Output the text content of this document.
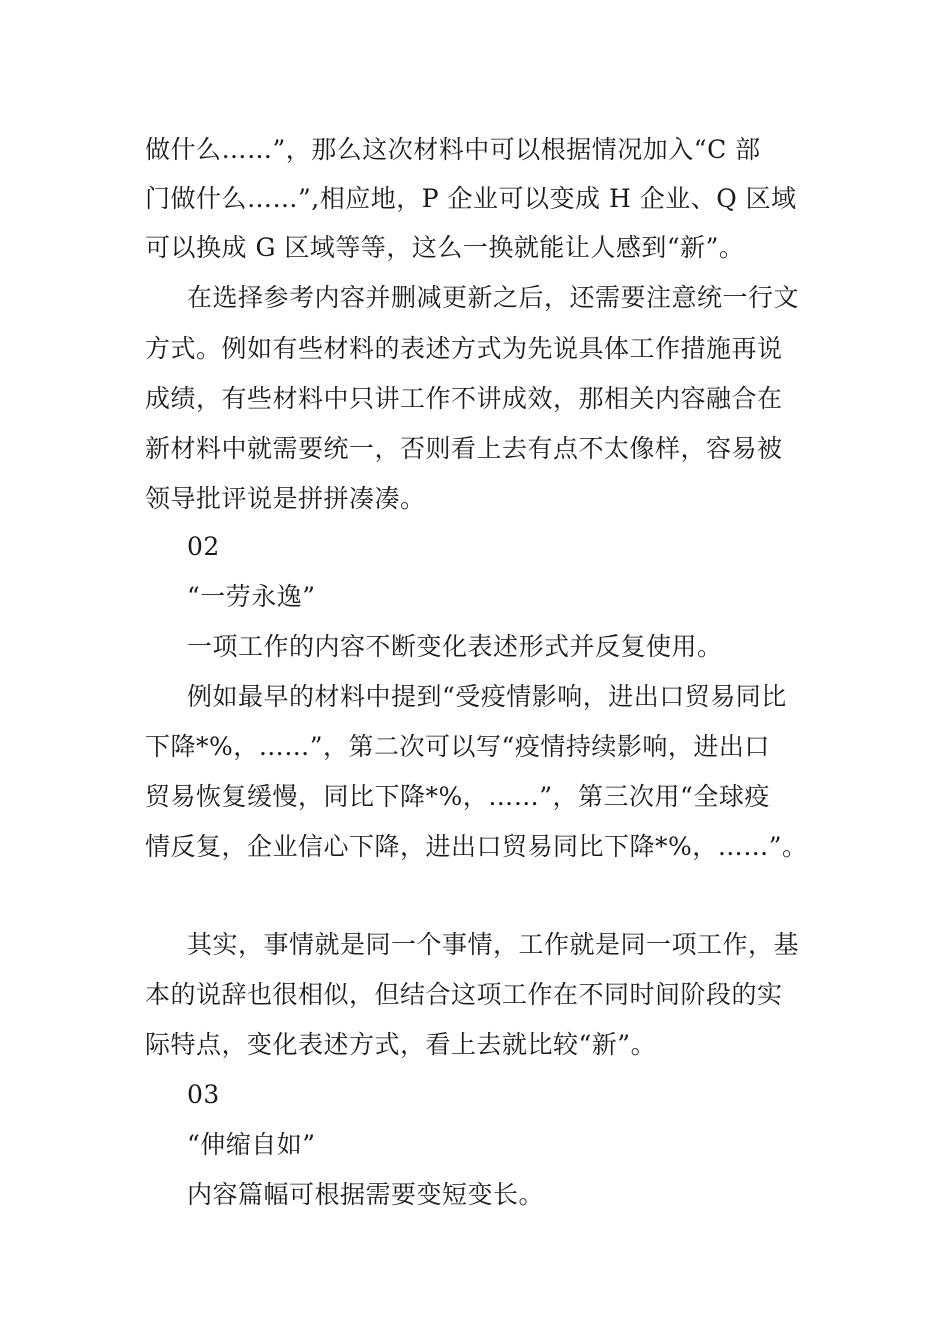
做什么……”，那么这次材料中可以根据情况加入“C 部
门做什么……”,相应地，P 企业可以变成 H 企业、Q 区域
可以换成 G 区域等等，这么一换就能让人感到“新”。
在选择参考内容并删减更新之后，还需要注意统一行文
方式。例如有些材料的表述方式为先说具体工作措施再说
成绩，有些材料中只讲工作不讲成效，那相关内容融合在
新材料中就需要统一，否则看上去有点不太像样，容易被
领导批评说是拼拼凑凑。
02
“一劳永逸”
一项工作的内容不断变化表述形式并反复使用。
例如最早的材料中提到“受疫情影响，进出口贸易同比
下降*%，……”，第二次可以写“疫情持续影响，进出口
贸易恢复缓慢，同比下降*%，……”，第三次用“全球疫
情反复，企业信心下降，进出口贸易同比下降*%，……”。
其实，事情就是同一个事情，工作就是同一项工作，基
本的说辞也很相似，但结合这项工作在不同时间阶段的实
际特点，变化表述方式，看上去就比较“新”。
03
“伸缩自如”
内容篇幅可根据需要变短变长。
